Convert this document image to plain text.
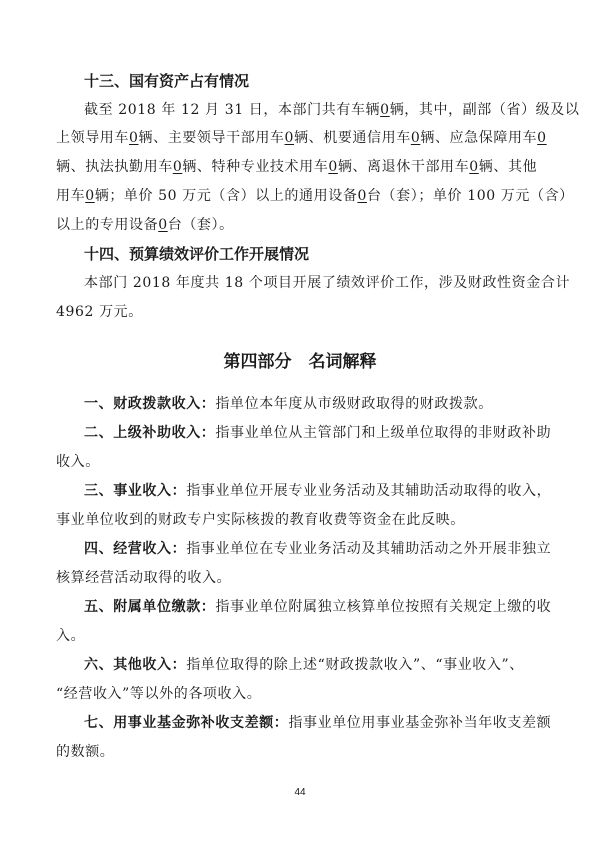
十三、国有资产占有情况
截至 2018 年 12 月 31 日，本部门共有车辆0辆，其中，副部（省）级及以
上领导用车0辆、主要领导干部用车0辆、机要通信用车0辆、应急保障用车0
辆、执法执勤用车0辆、特种专业技术用车0辆、离退休干部用车0辆、其他
用车0辆；单价 50 万元（含）以上的通用设备0台（套）；单价 100 万元（含）
以上的专用设备0台（套）。
十四、预算绩效评价工作开展情况
本部门 2018 年度共 18 个项目开展了绩效评价工作，涉及财政性资金合计
4962 万元。
第四部分　名词解释
一、财政拨款收入：指单位本年度从市级财政取得的财政拨款。
二、上级补助收入：指事业单位从主管部门和上级单位取得的非财政补助
收入。
三、事业收入：指事业单位开展专业业务活动及其辅助活动取得的收入，
事业单位收到的财政专户实际核拨的教育收费等资金在此反映。
四、经营收入：指事业单位在专业业务活动及其辅助活动之外开展非独立
核算经营活动取得的收入。
五、附属单位缴款：指事业单位附属独立核算单位按照有关规定上缴的收
入。
六、其他收入：指单位取得的除上述“财政拨款收入”、“事业收入”、
“经营收入”等以外的各项收入。
七、用事业基金弥补收支差额：指事业单位用事业基金弥补当年收支差额
的数额。
44
